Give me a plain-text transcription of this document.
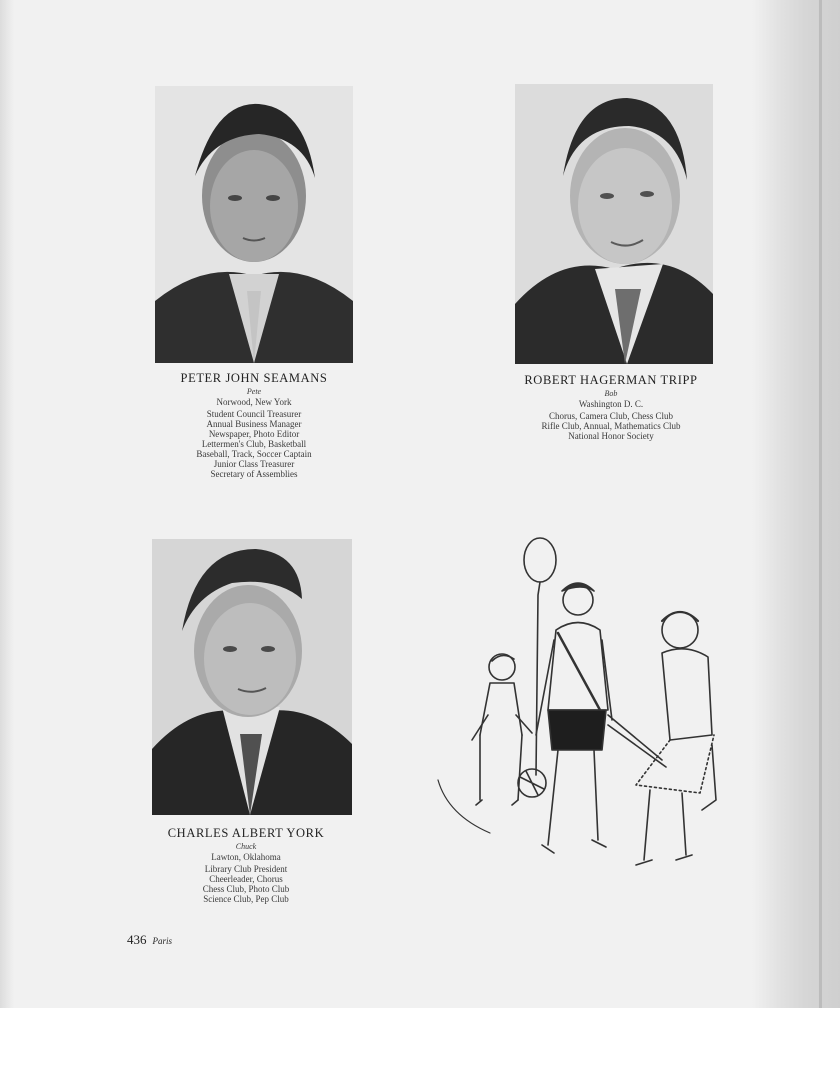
PETER JOHN SEAMANS
Pete
Norwood, New York
Student Council Treasurer
Annual Business Manager
Newspaper, Photo Editor
Lettermen's Club, Basketball
Baseball, Track, Soccer Captain
Junior Class Treasurer
Secretary of Assemblies
ROBERT HAGERMAN TRIPP
Bob
Washington D. C.
Chorus, Camera Club, Chess Club
Rifle Club, Annual, Mathematics Club
National Honor Society
CHARLES ALBERT YORK
Chuck
Lawton, Oklahoma
Library Club President
Cheerleader, Chorus
Chess Club, Photo Club
Science Club, Pep Club
436 Paris
